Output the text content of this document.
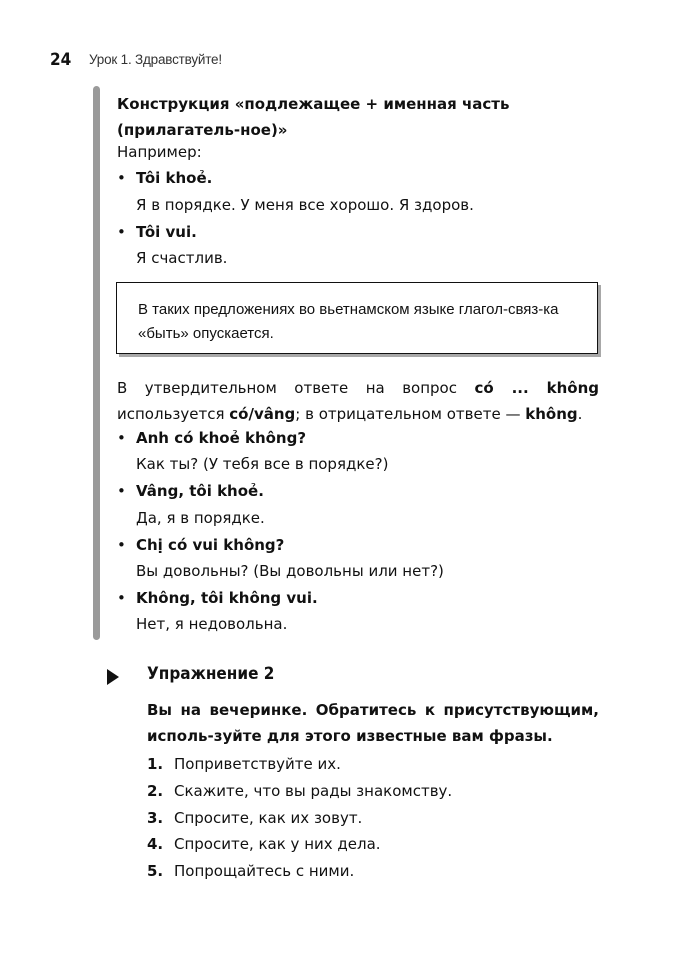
24 Урок 1. Здравствуйте!
Конструкция «подлежащее + именная часть (прилагатель-ное)»
Например:
• Tôi khoẻ.
Я в порядке. У меня все хорошо. Я здоров.
• Tôi vui.
Я счастлив.
В таких предложениях во вьетнамском языке глагол-связ-ка «быть» опускается.
В утвердительном ответе на вопрос có ... không используется có/vâng; в отрицательном ответе — không.
• Anh có khoẻ không?
Как ты? (У тебя все в порядке?)
• Vâng, tôi khoẻ.
Да, я в порядке.
• Chị có vui không?
Вы довольны? (Вы довольны или нет?)
• Không, tôi không vui.
Нет, я недовольна.
Упражнение 2
Вы на вечеринке. Обратитесь к присутствующим, исполь-зуйте для этого известные вам фразы.
1. Поприветствуйте их.
2. Скажите, что вы рады знакомству.
3. Спросите, как их зовут.
4. Спросите, как у них дела.
5. Попрощайтесь с ними.
